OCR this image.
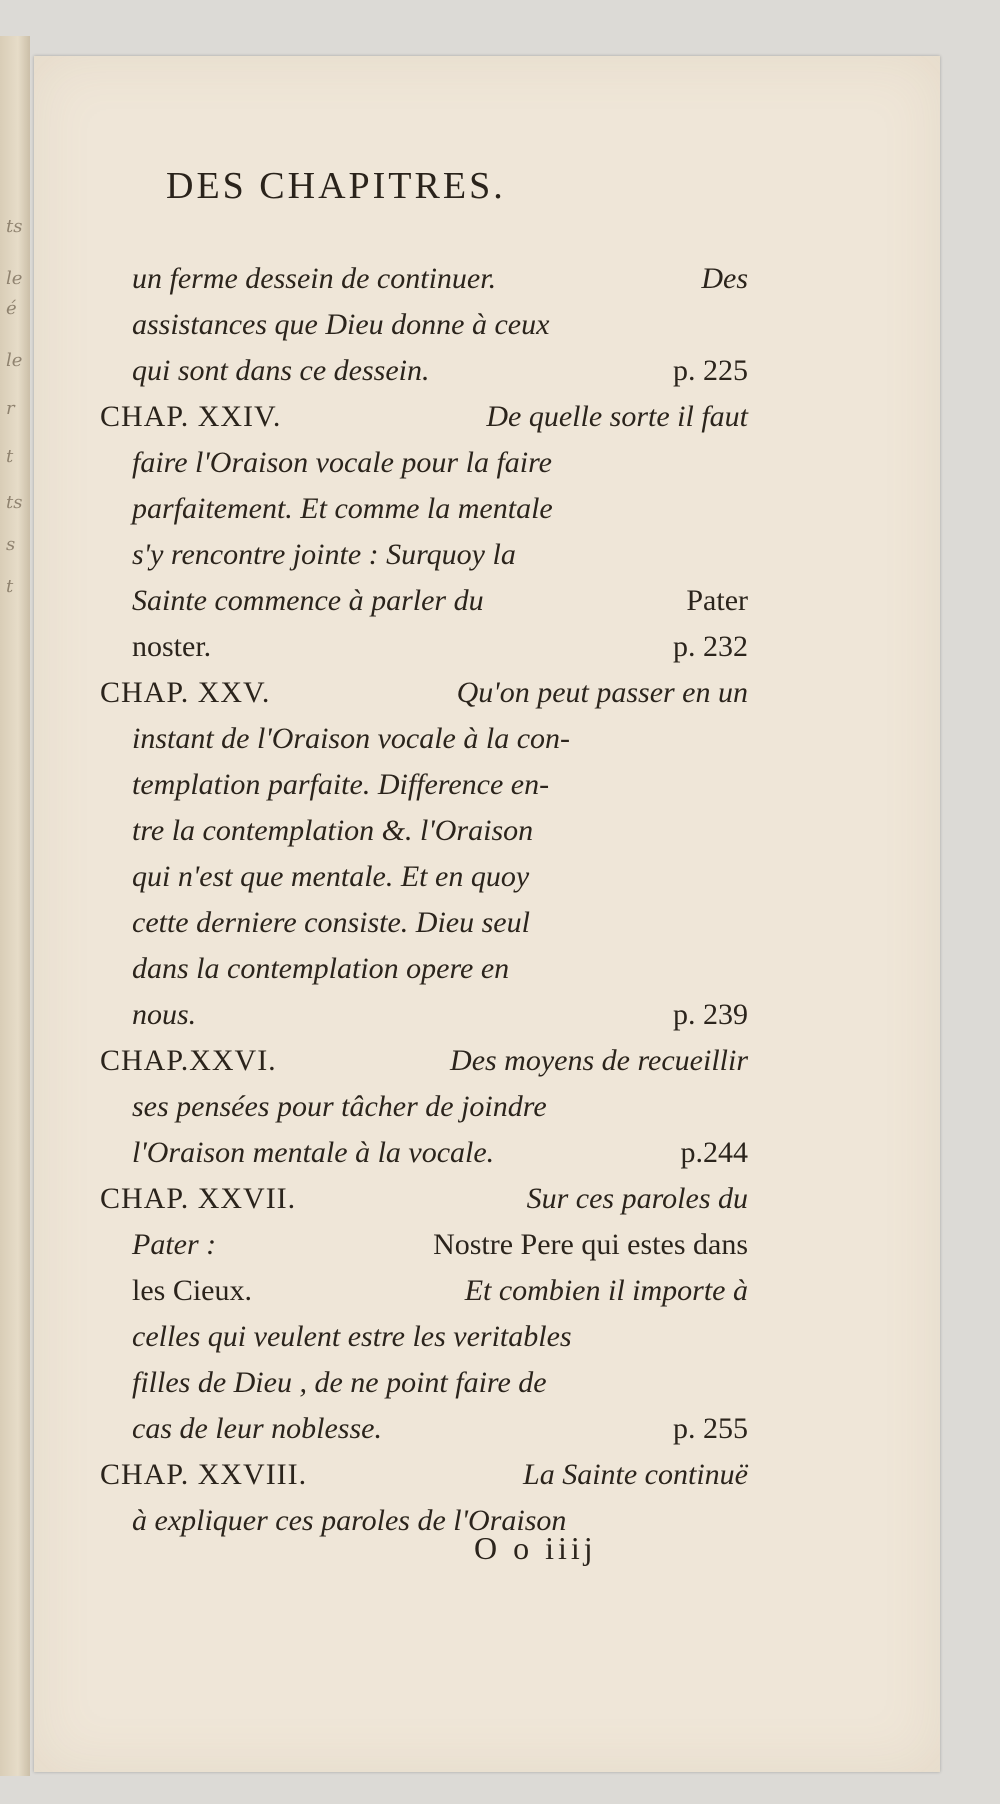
ts
le
é
le
r
t
ts
s
t
DES CHAPITRES.
un ferme dessein de continuer.	Des
assistances que Dieu donne à ceux
qui sont dans ce dessein.	p. 225
CHAP. XXIV.	De quelle sorte il faut
faire l'Oraison vocale pour la faire
parfaitement. Et comme la mentale
s'y rencontre jointe : Surquoy la
Sainte commence à parler du	Pater
noster.	p. 232
CHAP. XXV.	Qu'on peut passer en un
instant de l'Oraison vocale à la con-
templation parfaite. Difference en-
tre la contemplation &. l'Oraison
qui n'est que mentale. Et en quoy
cette derniere consiste. Dieu seul
dans la contemplation opere en
nous.	p. 239
CHAP.XXVI.	Des moyens de recueillir
ses pensées pour tâcher de joindre
l'Oraison mentale à la vocale.	p.244
CHAP. XXVII.	Sur ces paroles du
Pater :	Nostre Pere qui estes dans
les Cieux.	Et combien il importe à
celles qui veulent estre les veritables
filles de Dieu , de ne point faire de
cas de leur noblesse.	p. 255
CHAP. XXVIII.	La Sainte continuë
à expliquer ces paroles de l'Oraison
O o iiij
